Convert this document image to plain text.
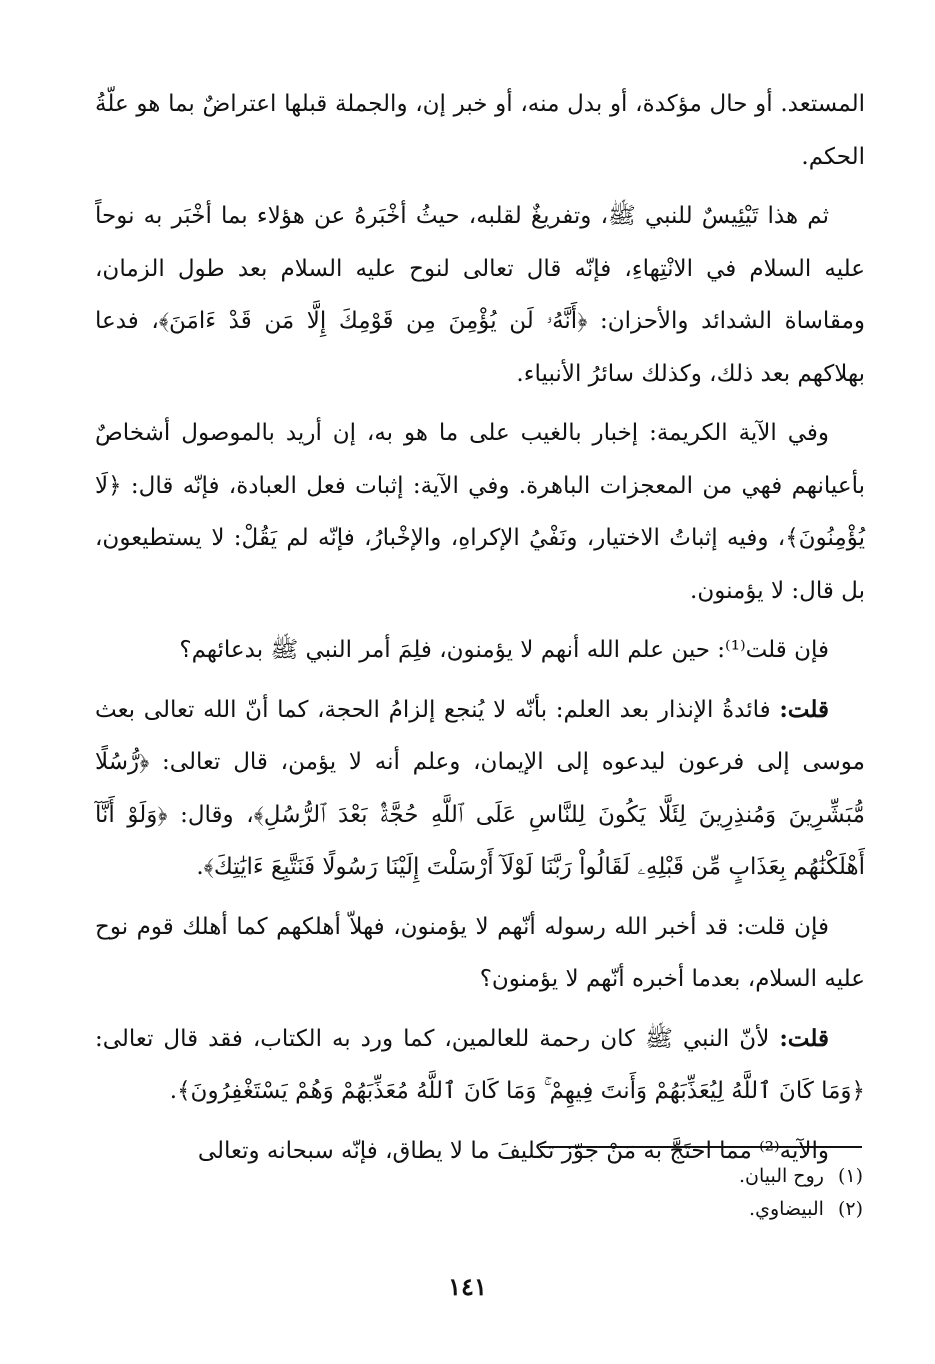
المستعد. أو حال مؤكدة، أو بدل منه، أو خبر إن، والجملة قبلها اعتراضٌ بما هو علّةُ الحكم.

ثم هذا تَيْئِيسٌ للنبي ﷺ، وتفريغٌ لقلبه، حيثُ أخْبَرهُ عن هؤلاء بما أخْبَر به نوحاً عليه السلام في الانْتِهاءِ، فإنّه قال تعالى لنوح عليه السلام بعد طول الزمان، ومقاساة الشدائد والأحزان: ﴿أَنَّهُۥ لَن يُؤْمِنَ مِن قَوْمِكَ إِلَّا مَن قَدْ ءَامَنَ﴾، فدعا بهلاكهم بعد ذلك، وكذلك سائرُ الأنبياء.

وفي الآية الكريمة: إخبار بالغيب على ما هو به، إن أريد بالموصول أشخاصٌ بأعيانهم فهي من المعجزات الباهرة. وفي الآية: إثبات فعل العبادة، فإنّه قال: ﴿لَا يُؤْمِنُونَ﴾، وفيه إثباتُ الاختيار، ونَفْيُ الإكراهِ، والإخْبارُ، فإنّه لم يَقُلْ: لا يستطيعون، بل قال: لا يؤمنون.

فإن قلت⁽¹⁾: حين علم الله أنهم لا يؤمنون، فلِمَ أمر النبي ﷺ بدعائهم؟

قلت: فائدةُ الإنذار بعد العلم: بأنّه لا يُنجع إلزامُ الحجة، كما أنّ الله تعالى بعث موسى إلى فرعون ليدعوه إلى الإيمان، وعلم أنه لا يؤمن، قال تعالى: ﴿رُّسُلًا مُّبَشِّرِينَ وَمُنذِرِينَ لِئَلَّا يَكُونَ لِلنَّاسِ عَلَى ٱللَّهِ حُجَّةٌۢ بَعْدَ ٱلرُّسُلِ﴾، وقال: ﴿وَلَوْ أَنَّآ أَهْلَكْنَٰهُم بِعَذَابٍ مِّن قَبْلِهِۦ لَقَالُواْ رَبَّنَا لَوْلَآ أَرْسَلْتَ إِلَيْنَا رَسُولًا فَنَتَّبِعَ ءَايَٰتِكَ﴾.

فإن قلت: قد أخبر الله رسوله أنّهم لا يؤمنون، فهلاّ أهلكهم كما أهلك قوم نوح عليه السلام، بعدما أخبره أنّهم لا يؤمنون؟

قلت: لأنّ النبي ﷺ كان رحمة للعالمين، كما ورد به الكتاب، فقد قال تعالى: ﴿وَمَا كَانَ ٱللَّهُ لِيُعَذِّبَهُمْ وَأَنتَ فِيهِمْ ۚ وَمَا كَانَ ٱللَّهُ مُعَذِّبَهُمْ وَهُمْ يَسْتَغْفِرُونَ﴾.

والآية⁽²⁾ مما احتَجَّ به مَنْ جوّز تكليفَ ما لا يطاق، فإنّه سبحانه وتعالى

(١)روح البيان.
(٢)البيضاوي.
١٤١
